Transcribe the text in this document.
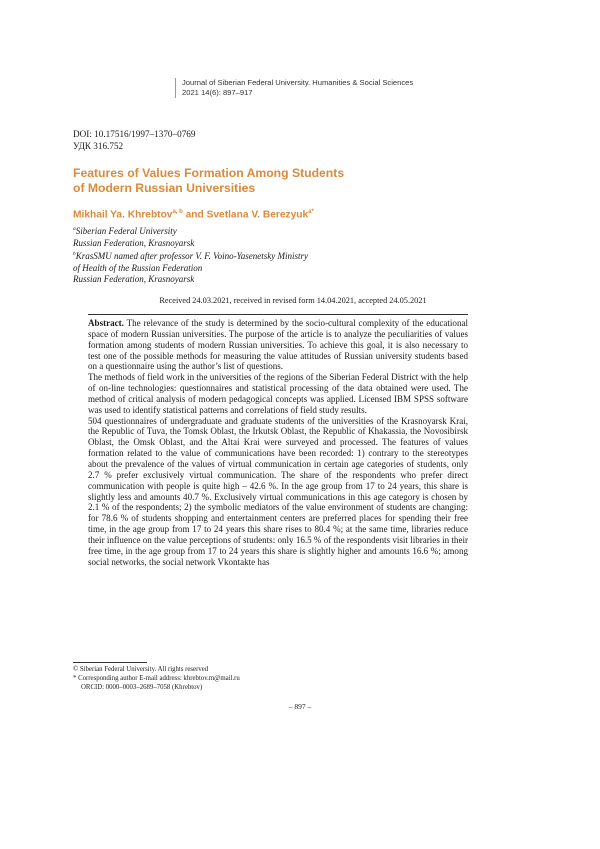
Journal of Siberian Federal University. Humanities & Social Sciences
2021 14(6): 897–917
DOI: 10.17516/1997–1370–0769
УДК 316.752
Features of Values Formation Among Students
of Modern Russian Universities
Mikhail Ya. Khrebtov$^{a, b}$ and Svetlana V. Berezyuk$^{a*}$
$^a$Siberian Federal University
Russian Federation, Krasnoyarsk
$^b$KrasSMU named after professor V. F. Voino-Yasenetsky Ministry
of Health of the Russian Federation
Russian Federation, Krasnoyarsk
Received 24.03.2021, received in revised form 14.04.2021, accepted 24.05.2021

Abstract. The relevance of the study is determined by the socio-cultural complexity of the educational space of modern Russian universities. The purpose of the article is to analyze the peculiarities of values formation among students of modern Russian universities. To achieve this goal, it is also necessary to test one of the possible methods for measuring the value attitudes of Russian university students based on a questionnaire using the author’s list of questions.

The methods of field work in the universities of the regions of the Siberian Federal District with the help of on-line technologies: questionnaires and statistical processing of the data obtained were used. The method of critical analysis of modern pedagogical concepts was applied. Licensed IBM SPSS software was used to identify statistical patterns and correlations of field study results.

504 questionnaires of undergraduate and graduate students of the universities of the Krasnoyarsk Krai, the Republic of Tuva, the Tomsk Oblast, the Irkutsk Oblast, the Republic of Khakassia, the Novosibirsk Oblast, the Omsk Oblast, and the Altai Krai were surveyed and processed. The features of values formation related to the value of communications have been recorded: 1) contrary to the stereotypes about the prevalence of the values of virtual communication in certain age categories of students, only 2.7 % prefer exclusively virtual communication. The share of the respondents who prefer direct communication with people is quite high – 42.6 %. In the age group from 17 to 24 years, this share is slightly less and amounts 40.7 %. Exclusively virtual communications in this age category is chosen by 2.1 % of the respondents; 2) the symbolic mediators of the value environment of students are changing: for 78.6 % of students shopping and entertainment centers are preferred places for spending their free time, in the age group from 17 to 24 years this share rises to 80.4 %; at the same time, libraries reduce their influence on the value perceptions of students: only 16.5 % of the respondents visit libraries in their free time, in the age group from 17 to 24 years this share is slightly higher and amounts 16.6 %; among social networks, the social network Vkontakte has

© Siberian Federal University. All rights reserved
* Corresponding author E-mail address: khrebtov.m@mail.ru
ORCID: 0000–0003–2689–7058 (Khrebtov)
– 897 –
